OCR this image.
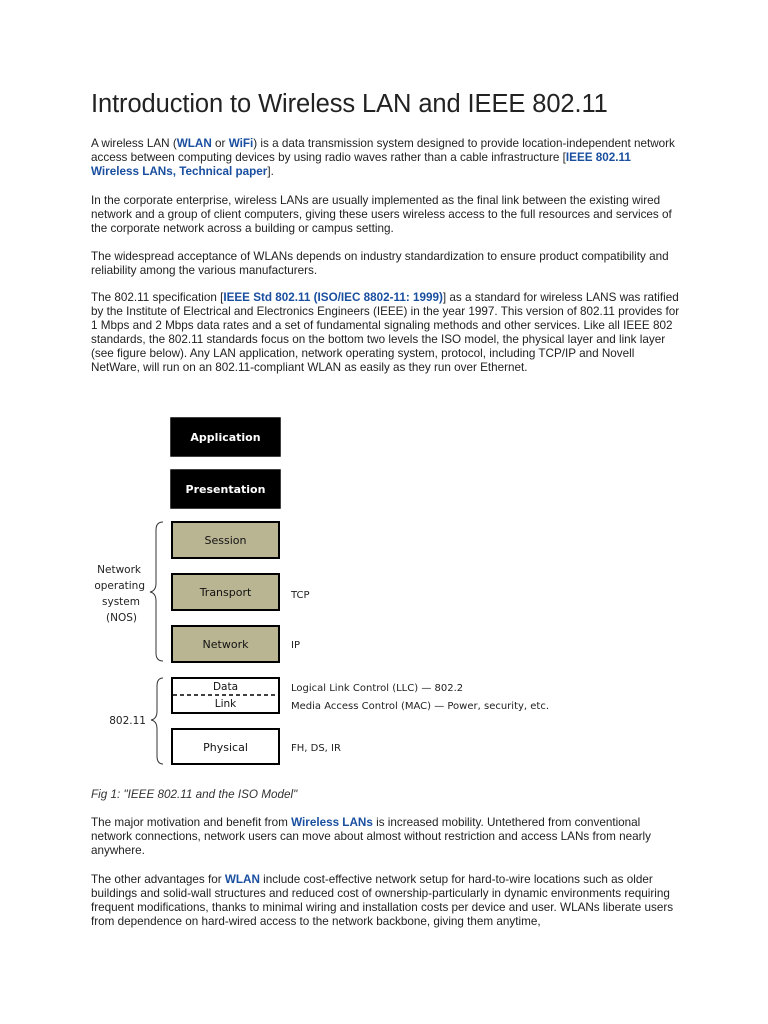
Introduction to Wireless LAN and IEEE 802.11

A wireless LAN (WLAN or WiFi) is a data transmission system designed to provide location-independent network access between computing devices by using radio waves rather than a cable infrastructure [IEEE 802.11 Wireless LANs, Technical paper].

In the corporate enterprise, wireless LANs are usually implemented as the final link between the existing wired network and a group of client computers, giving these users wireless access to the full resources and services of the corporate network across a building or campus setting.

The widespread acceptance of WLANs depends on industry standardization to ensure product compatibility and reliability among the various manufacturers.

The 802.11 specification [IEEE Std 802.11 (ISO/IEC 8802-11: 1999)] as a standard for wireless LANS was ratified by the Institute of Electrical and Electronics Engineers (IEEE) in the year 1997. This version of 802.11 provides for 1 Mbps and 2 Mbps data rates and a set of fundamental signaling methods and other services. Like all IEEE 802 standards, the 802.11 standards focus on the bottom two levels the ISO model, the physical layer and link layer (see figure below). Any LAN application, network operating system, protocol, including TCP/IP and Novell NetWare, will run on an 802.11-compliant WLAN as easily as they run over Ethernet.

Application
Presentation
Session
Transport
Network
Data
Link
Physical
Network
operating
system
(NOS)
802.11
TCP
IP
Logical Link Control (LLC) — 802.2
Media Access Control (MAC) — Power, security, etc.
FH, DS, IR

Fig 1: "IEEE 802.11 and the ISO Model"

The major motivation and benefit from Wireless LANs is increased mobility. Untethered from conventional network connections, network users can move about almost without restriction and access LANs from nearly anywhere.

The other advantages for WLAN include cost-effective network setup for hard-to-wire locations such as older buildings and solid-wall structures and reduced cost of ownership-particularly in dynamic environments requiring frequent modifications, thanks to minimal wiring and installation costs per device and user. WLANs liberate users from dependence on hard-wired access to the network backbone, giving them anytime,
